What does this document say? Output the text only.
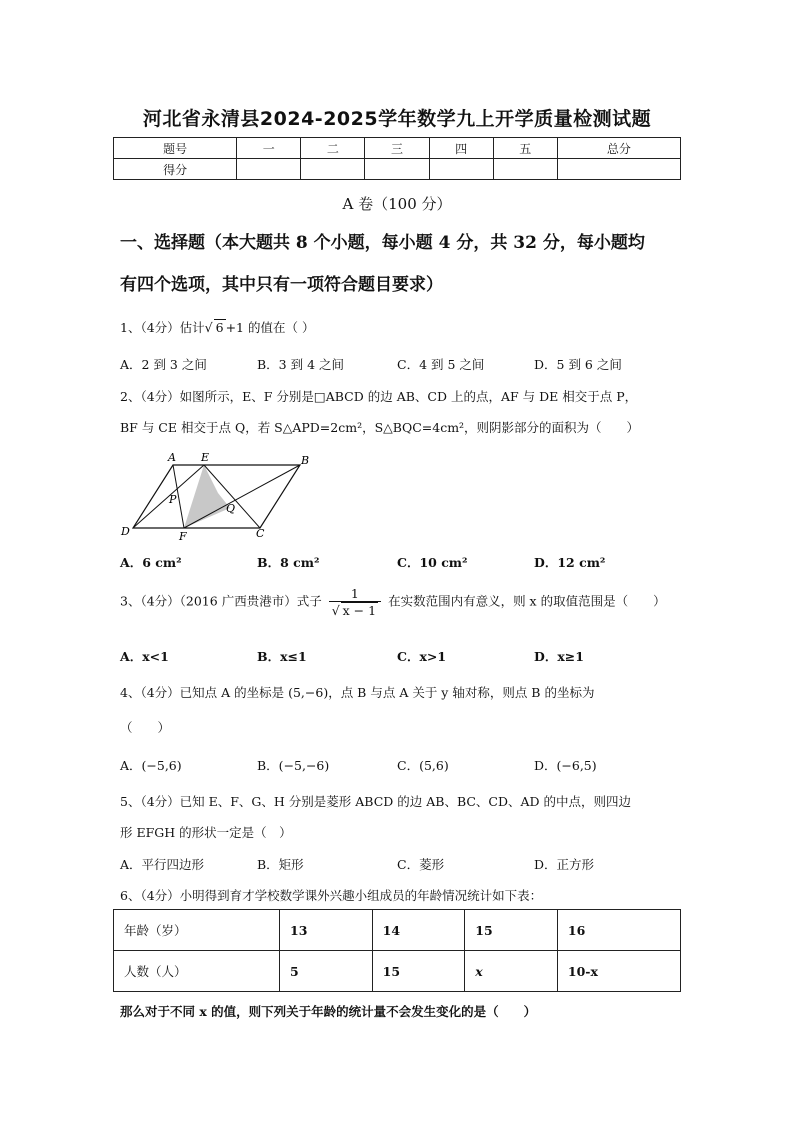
河北省永清县2024-2025学年数学九上开学质量检测试题
题号	一	二	三	四	五	总分
得分						
A 卷（100 分）
一、选择题（本大题共 8 个小题，每小题 4 分，共 32 分，每小题均
有四个选项，其中只有一项符合题目要求）
1、（4分）估计√ 6 +1 的值在（ ）
A．2 到 3 之间	B．3 到 4 之间	C．4 到 5 之间	D．5 到 6 之间
2、（4分）如图所示，E、F 分别是□ABCD 的边 AB、CD 上的点，AF 与 DE 相交于点 P，
BF 与 CE 相交于点 Q，若 S△APD=2cm²，S△BQC=4cm²，则阴影部分的面积为（　　）
A E	B
P
Q
D	F	C
A．6 cm²	B．8 cm²	C．10 cm²	D．12 cm²
3、（4分）（2016 广西贵港市）式子 $\frac{1}{√ x - 1}$ 在实数范围内有意义，则 x 的取值范围是（　　）
A．x<1	B．x≤1	C．x>1	D．x≥1
4、（4分）已知点 A 的坐标是 (5,−6)，点 B 与点 A 关于 y 轴对称，则点 B 的坐标为
（　　）
A．(−5,6)	B．(−5,−6)	C．(5,6)	D．(−6,5)
5、（4分）已知 E、F、G、H 分别是菱形 ABCD 的边 AB、BC、CD、AD 的中点，则四边
形 EFGH 的形状一定是（　）
A．平行四边形	B．矩形	C．菱形	D．正方形
6、（4分）小明得到育才学校数学课外兴趣小组成员的年龄情况统计如下表：
年龄（岁）	13	14	15	16
人数（人）	5	15	x	10-x
那么对于不同 x 的值，则下列关于年龄的统计量不会发生变化的是（　　）
